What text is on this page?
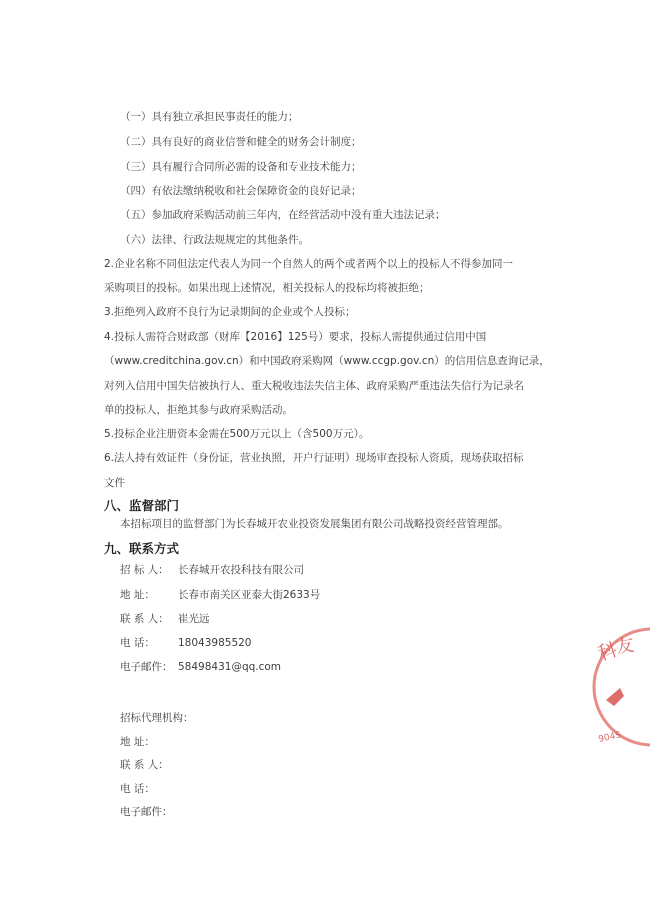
（一）具有独立承担民事责任的能力；
（二）具有良好的商业信誉和健全的财务会计制度；
（三）具有履行合同所必需的设备和专业技术能力；
（四）有依法缴纳税收和社会保障资金的良好记录；
（五）参加政府采购活动前三年内，在经营活动中没有重大违法记录；
（六）法律、行政法规规定的其他条件。
2.企业名称不同但法定代表人为同一个自然人的两个或者两个以上的投标人不得参加同一
采购项目的投标。如果出现上述情况，相关投标人的投标均将被拒绝；
3.拒绝列入政府不良行为记录期间的企业或个人投标；
4.投标人需符合财政部（财库【2016】125号）要求，投标人需提供通过信用中国
（www.creditchina.gov.cn）和中国政府采购网（www.ccgp.gov.cn）的信用信息查询记录，
对列入信用中国失信被执行人、重大税收违法失信主体、政府采购严重违法失信行为记录名
单的投标人，拒绝其参与政府采购活动。
5.投标企业注册资本金需在500万元以上（含500万元）。
6.法人持有效证件（身份证，营业执照，开户行证明）现场审查投标人资质，现场获取招标
文件
八、监督部门
本招标项目的监督部门为长春城开农业投资发展集团有限公司战略投资经营管理部。
九、联系方式
招 标 人： 长春城开农投科技有限公司
地 址： 长春市南关区亚泰大街2633号
联 系 人： 崔光远
电 话： 18043985520
电子邮件： 58498431@qq.com
招标代理机构：
地 址：
联 系 人：
电 话：
电子邮件：
科
友
9045
